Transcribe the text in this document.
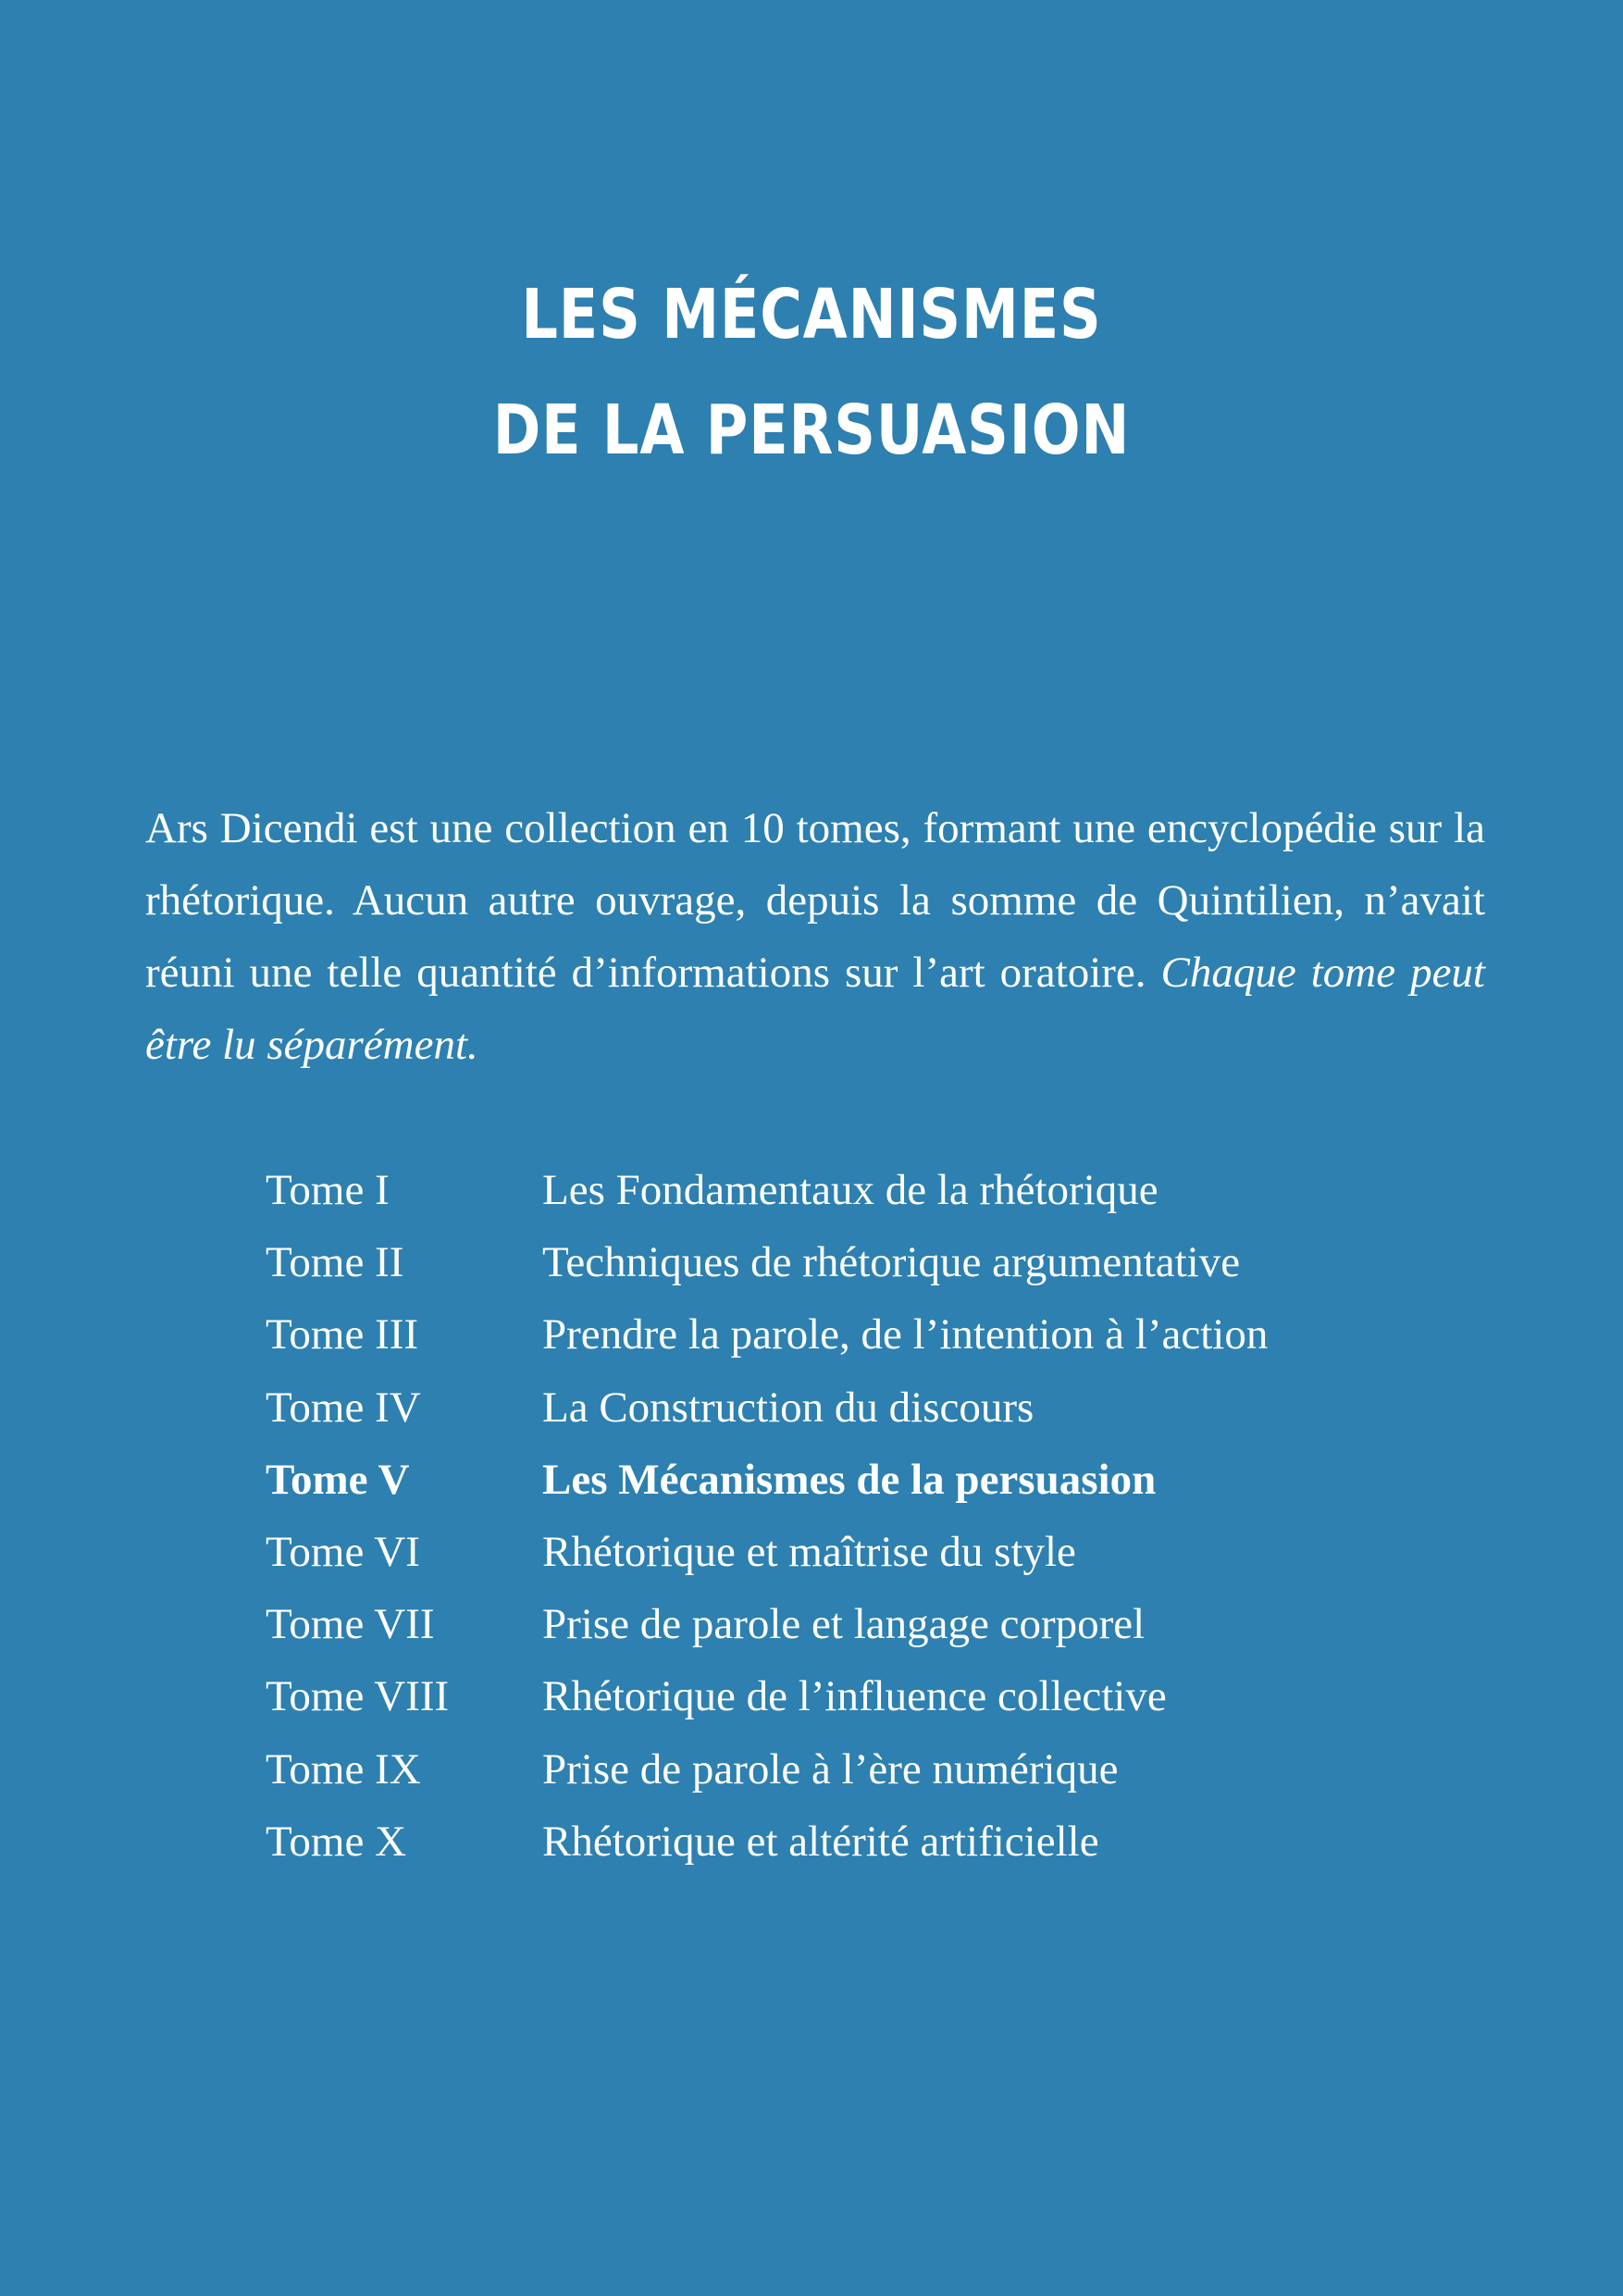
LES MÉCANISMES
DE LA PERSUASION

Ars Dicendi est une collection en 10 tomes, formant une encyclopédie sur la rhétorique. Aucun autre ouvrage, depuis la somme de Quintilien, n’avait réuni une telle quantité d’informations sur l’art oratoire. Chaque tome peut être lu séparément.

Tome I	Les Fondamentaux de la rhétorique
Tome II	Techniques de rhétorique argumentative
Tome III	Prendre la parole, de l’intention à l’action
Tome IV	La Construction du discours
Tome V	Les Mécanismes de la persuasion
Tome VI	Rhétorique et maîtrise du style
Tome VII	Prise de parole et langage corporel
Tome VIII	Rhétorique de l’influence collective
Tome IX	Prise de parole à l’ère numérique
Tome X	Rhétorique et altérité artificielle
